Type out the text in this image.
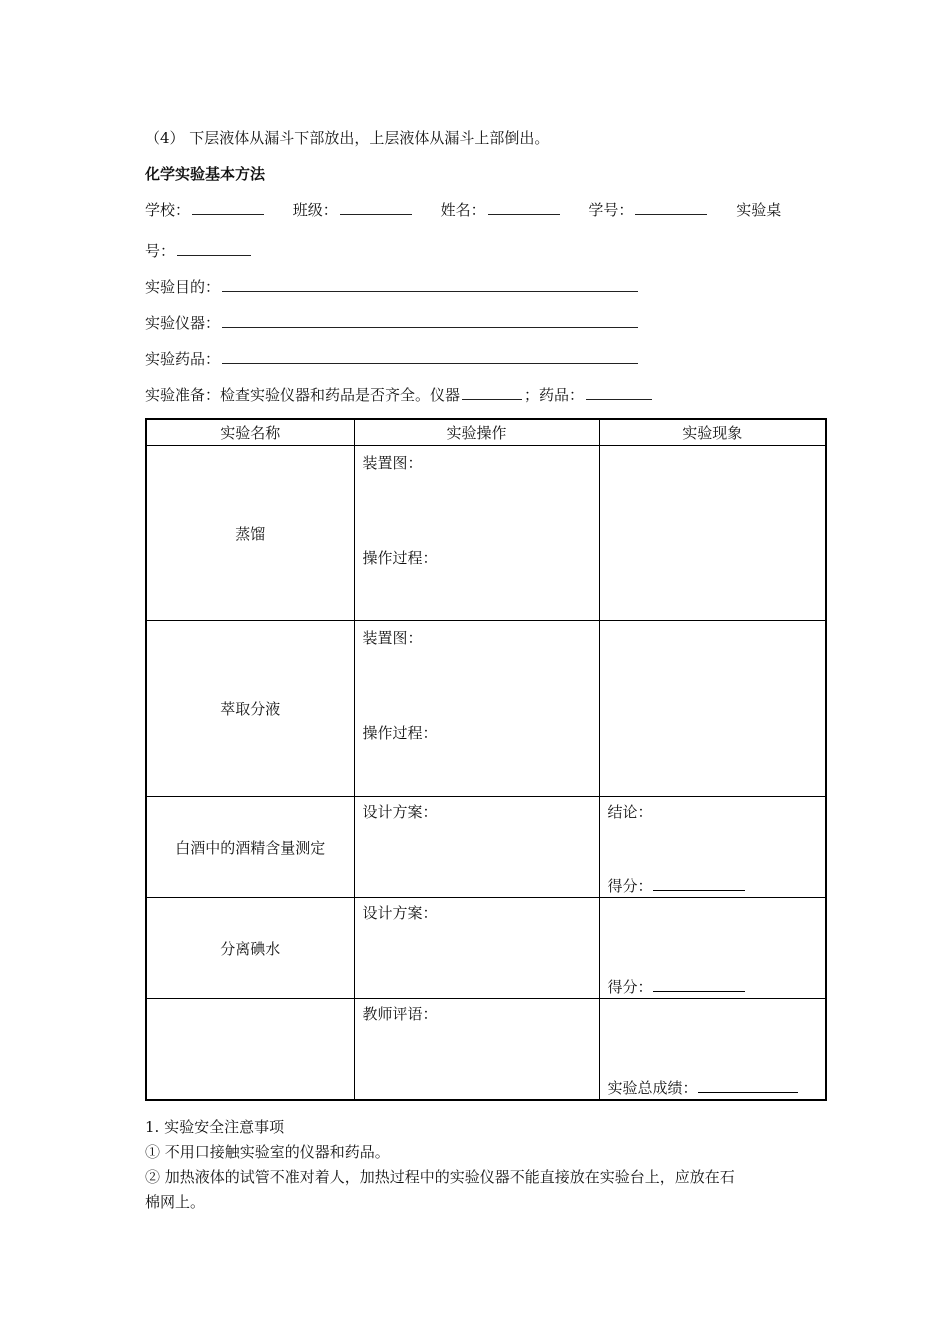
（4） 下层液体从漏斗下部放出，上层液体从漏斗上部倒出。
化学实验基本方法
学校：	班级：	姓名：	学号：	实验桌
号：
实验目的：
实验仪器：
实验药品：
实验准备：检查实验仪器和药品是否齐全。仪器	；药品：
实验名称	实验操作	实验现象
蒸馏	装置图：
操作过程：	

萃取分液	装置图：
操作过程：	

白酒中的酒精含量测定	设计方案：	结论：
得分：

分离碘水	设计方案：	得分：

	教师评语：	实验总成绩：
1. 实验安全注意事项
① 不用口接触实验室的仪器和药品。
② 加热液体的试管不准对着人，加热过程中的实验仪器不能直接放在实验台上，应放在石
棉网上。
